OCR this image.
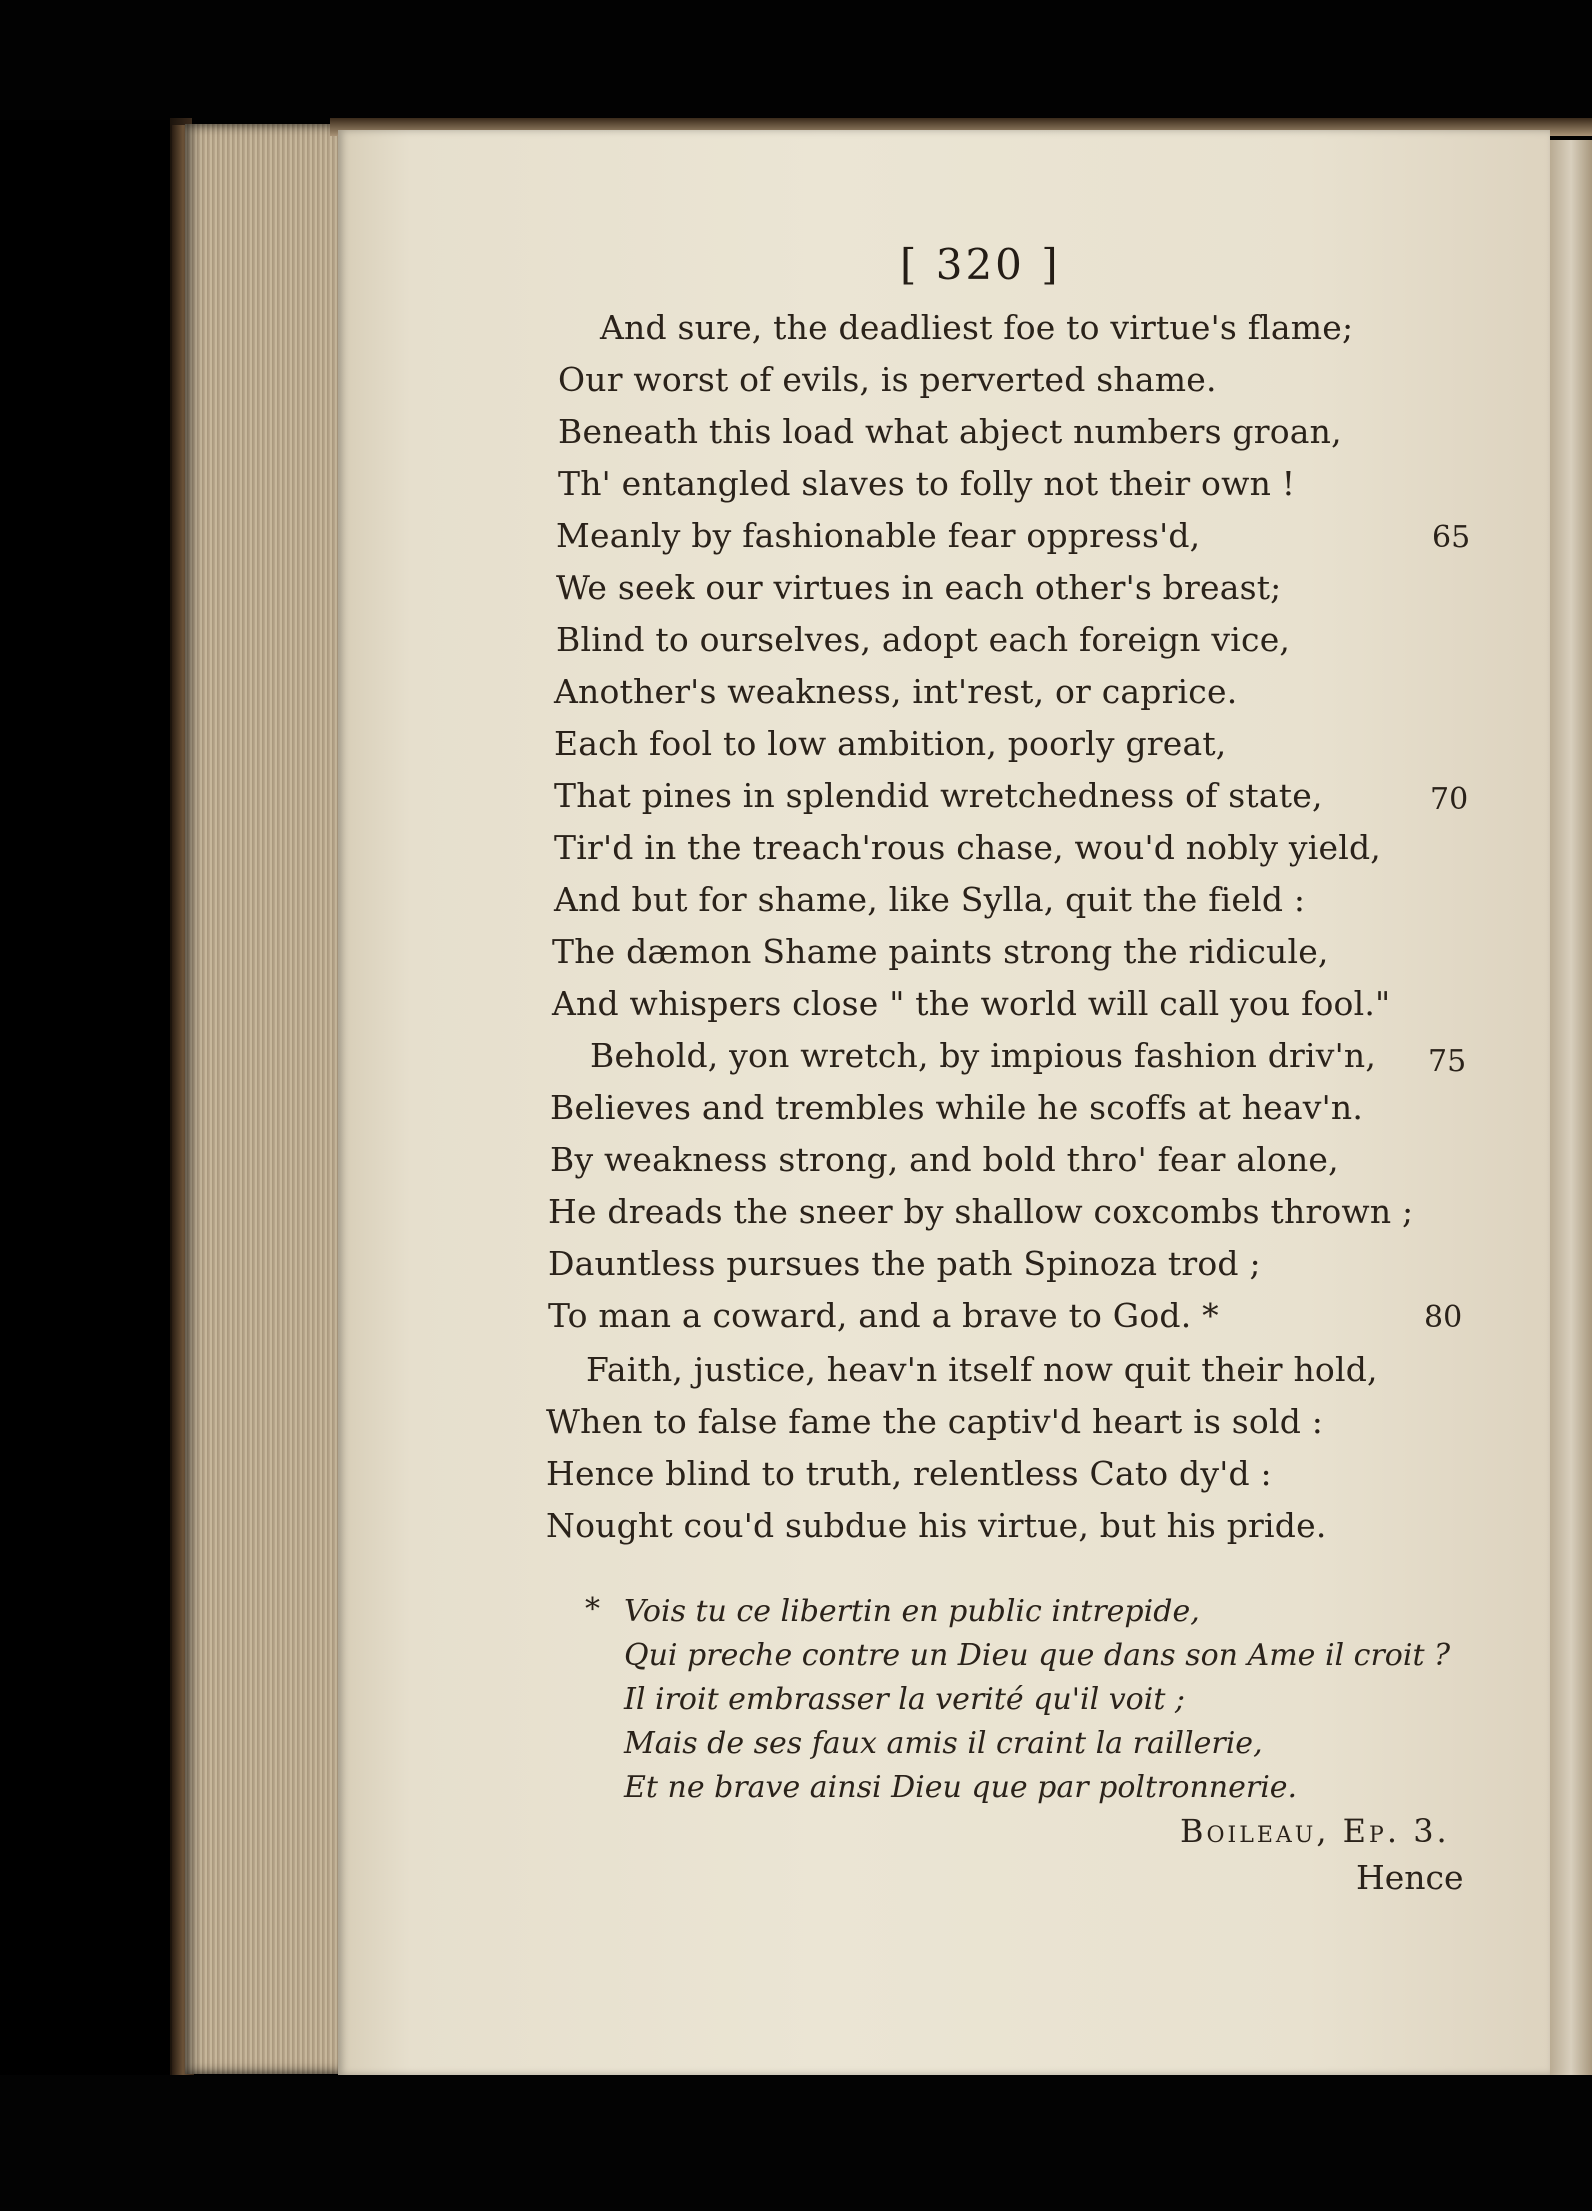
[ 320 ]
And sure, the deadliest foe to virtue's flame;
Our worst of evils, is perverted shame.
Beneath this load what abject numbers groan,
Th' entangled slaves to folly not their own !
Meanly by fashionable fear oppress'd,
We seek our virtues in each other's breast;
Blind to ourselves, adopt each foreign vice,
Another's weakness, int'rest, or caprice.
Each fool to low ambition, poorly great,
That pines in splendid wretchedness of state,
Tir'd in the treach'rous chase, wou'd nobly yield,
And but for shame, like Sylla, quit the field :
The dæmon Shame paints strong the ridicule,
And whispers close " the world will call you fool."
Behold, yon wretch, by impious fashion driv'n,
Believes and trembles while he scoffs at heav'n.
By weakness strong, and bold thro' fear alone,
He dreads the sneer by shallow coxcombs thrown ;
Dauntless pursues the path Spinoza trod ;
To man a coward, and a brave to God. *
Faith, justice, heav'n itself now quit their hold,
When to false fame the captiv'd heart is sold :
Hence blind to truth, relentless Cato dy'd :
Nought cou'd subdue his virtue, but his pride.
65
70
75
80
* Vois tu ce libertin en public intrepide,
Qui preche contre un Dieu que dans son Ame il croit ?
Il iroit embrasser la verité qu'il voit ;
Mais de ses faux amis il craint la raillerie,
Et ne brave ainsi Dieu que par poltronnerie.
Boileau, Ep. 3.
Hence
